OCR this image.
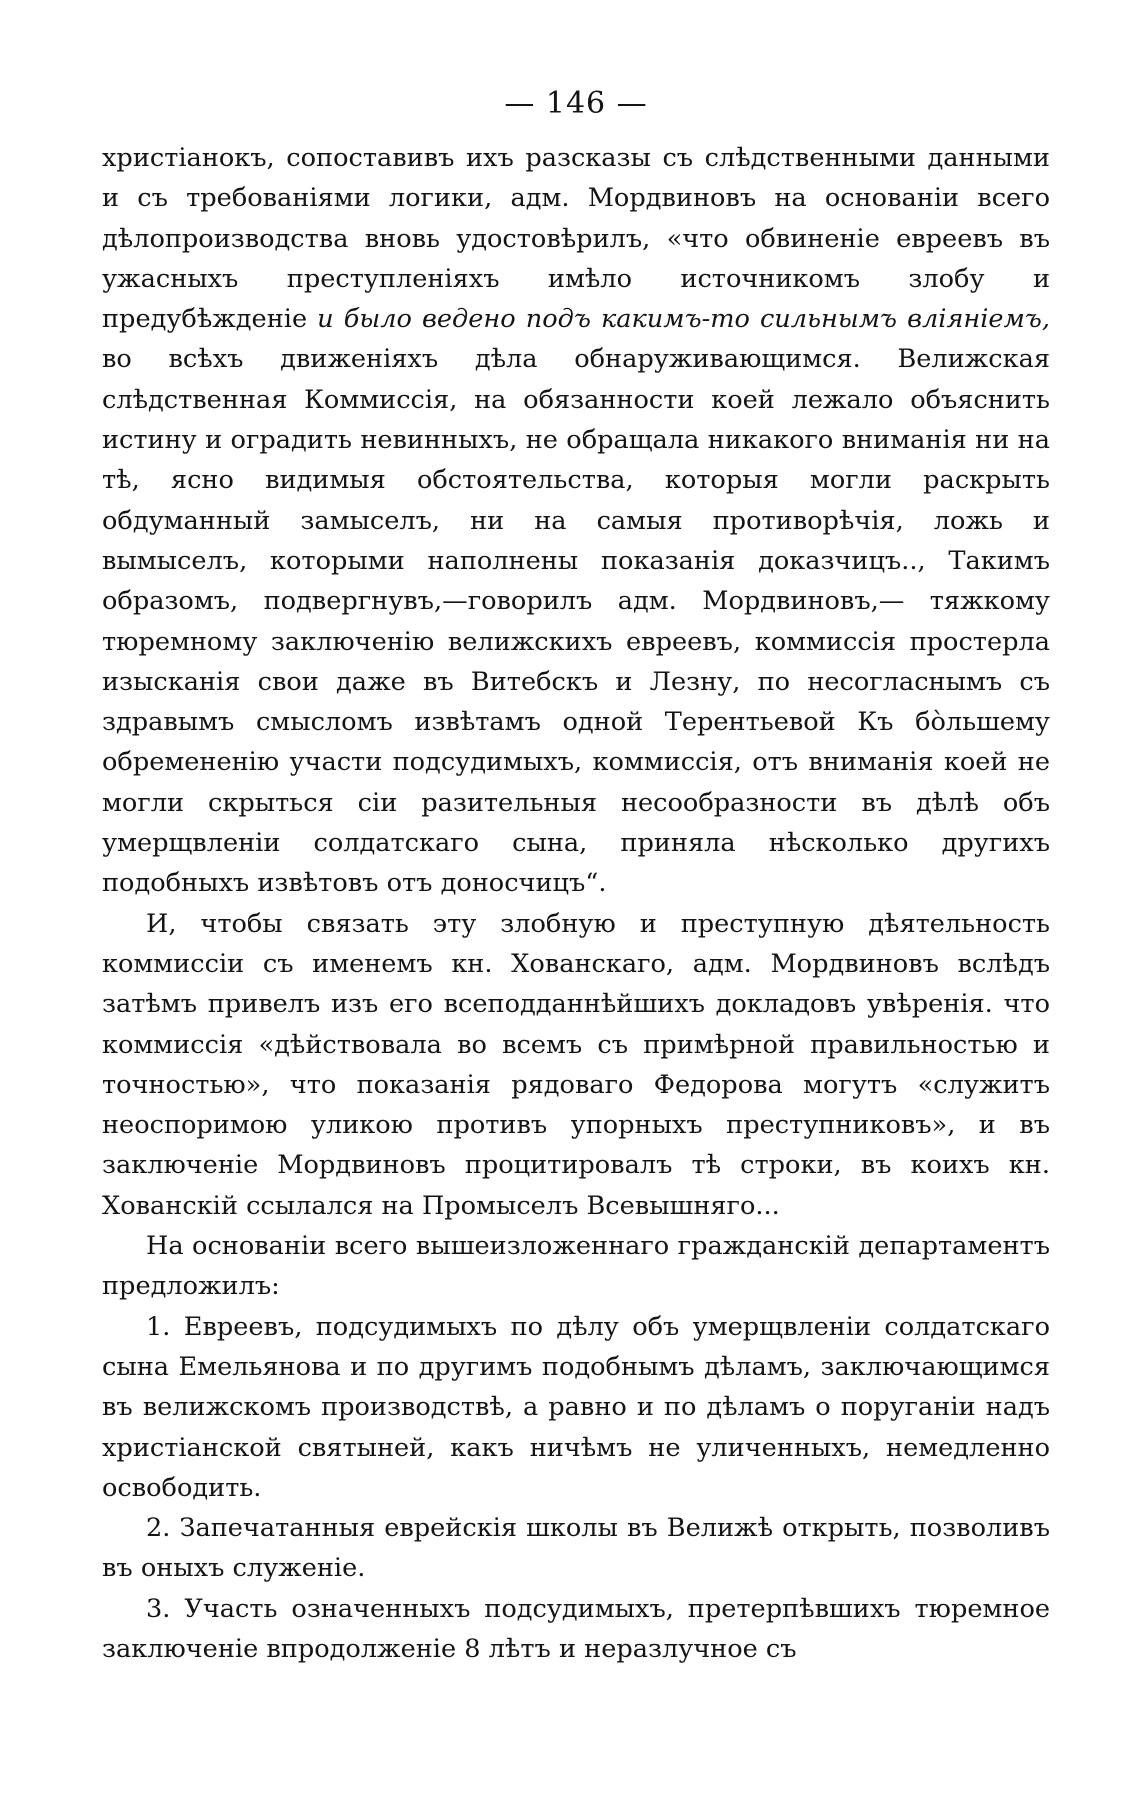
— 146 —

христіанокъ, сопоставивъ ихъ разсказы съ слѣдственными данными и съ требованіями логики, адм. Мордвиновъ на основаніи всего дѣлопроизводства вновь удостовѣрилъ, «что обвиненіе евреевъ въ ужасныхъ преступленіяхъ имѣло источникомъ злобу и предубѣжденіе и было ведено подъ какимъ-то сильнымъ вліяніемъ, во всѣхъ движеніяхъ дѣла обнаруживающимся. Велижская слѣдственная Коммиссія, на обязанности коей лежало объяснить истину и оградить невинныхъ, не обращала никакого вниманія ни на тѣ, ясно видимыя обстоятельства, которыя могли раскрыть обдуманный замыселъ, ни на самыя противорѣчія, ложь и вымыселъ, которыми наполнены показанія доказчицъ.., Такимъ образомъ, подвергнувъ,—говорилъ адм. Мордвиновъ,— тяжкому тюремному заключенію велижскихъ евреевъ, коммиссія простерла изысканія свои даже въ Витебскъ и Лезну, по несогласнымъ съ здравымъ смысломъ извѣтамъ одной Терентьевой Къ бо̀льшему обремененію участи подсудимыхъ, коммиссія, отъ вниманія коей не могли скрыться сіи разительныя несообразности въ дѣлѣ объ умерщвленіи солдатскаго сына, приняла нѣсколько другихъ подобныхъ извѣтовъ отъ доносчицъ“.

И, чтобы связать эту злобную и преступную дѣятельность коммиссіи съ именемъ кн. Хованскаго, адм. Мордвиновъ вслѣдъ затѣмъ привелъ изъ его всеподданнѣйшихъ докладовъ увѣренія. что коммиссія «дѣйствовала во всемъ съ примѣрной правильностью и точностью», что показанія рядоваго Федорова могутъ «служитъ неоспоримою уликою противъ упорныхъ преступниковъ», и въ заключеніе Мордвиновъ процитировалъ тѣ строки, въ коихъ кн. Хованскій ссылался на Промыселъ Всевышняго...

На основаніи всего вышеизложеннаго гражданскій департаментъ предложилъ:

1. Евреевъ, подсудимыхъ по дѣлу объ умерщвленіи солдатскаго сына Емельянова и по другимъ подобнымъ дѣламъ, заключающимся въ велижскомъ производствѣ, а равно и по дѣламъ о поруганіи надъ христіанской святыней, какъ ничѣмъ не уличенныхъ, немедленно освободить.

2. Запечатанныя еврейскія школы въ Велижѣ открыть, позволивъ въ оныхъ служеніе.

3. Участь означенныхъ подсудимыхъ, претерпѣвшихъ тюремное заключеніе впродолженіе 8 лѣтъ и неразлучное съ
